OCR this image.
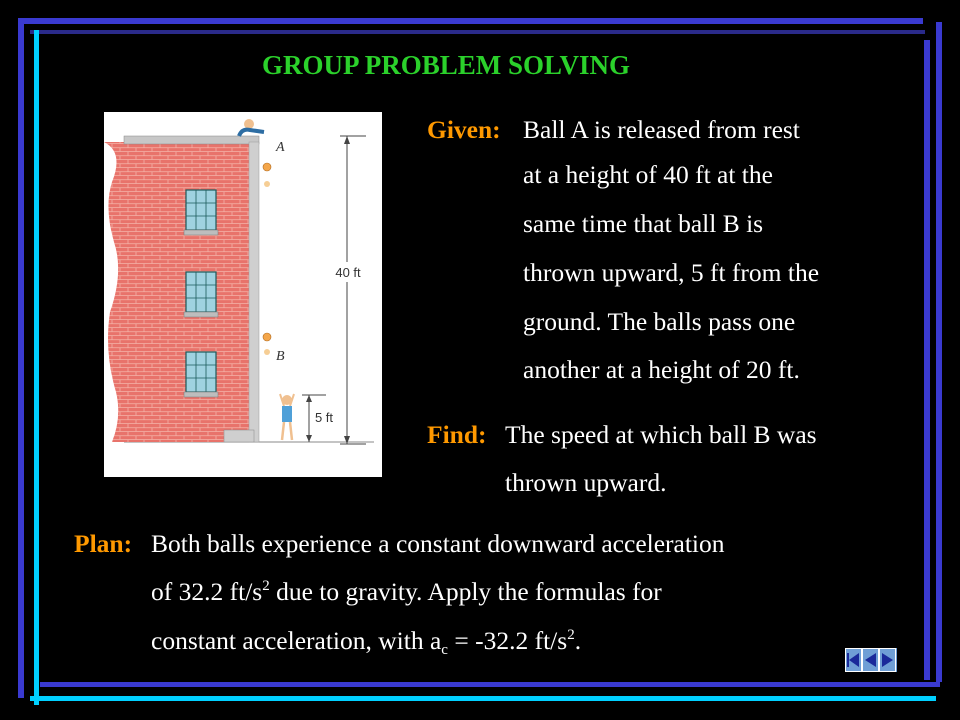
GROUP PROBLEM SOLVING
40 ft
5 ft
A
B
Given: Ball A is released from rest
at a height of 40 ft at the
same time that ball B is
thrown upward, 5 ft from the
ground. The balls pass one
another at a height of 20 ft.
Find: The speed at which ball B was
thrown upward.
Plan: Both balls experience a constant downward acceleration
of 32.2 $ft/s^2$ due to gravity. Apply the formulas for
constant acceleration, with $a_c = -32.2$ $ft/s^2$.
